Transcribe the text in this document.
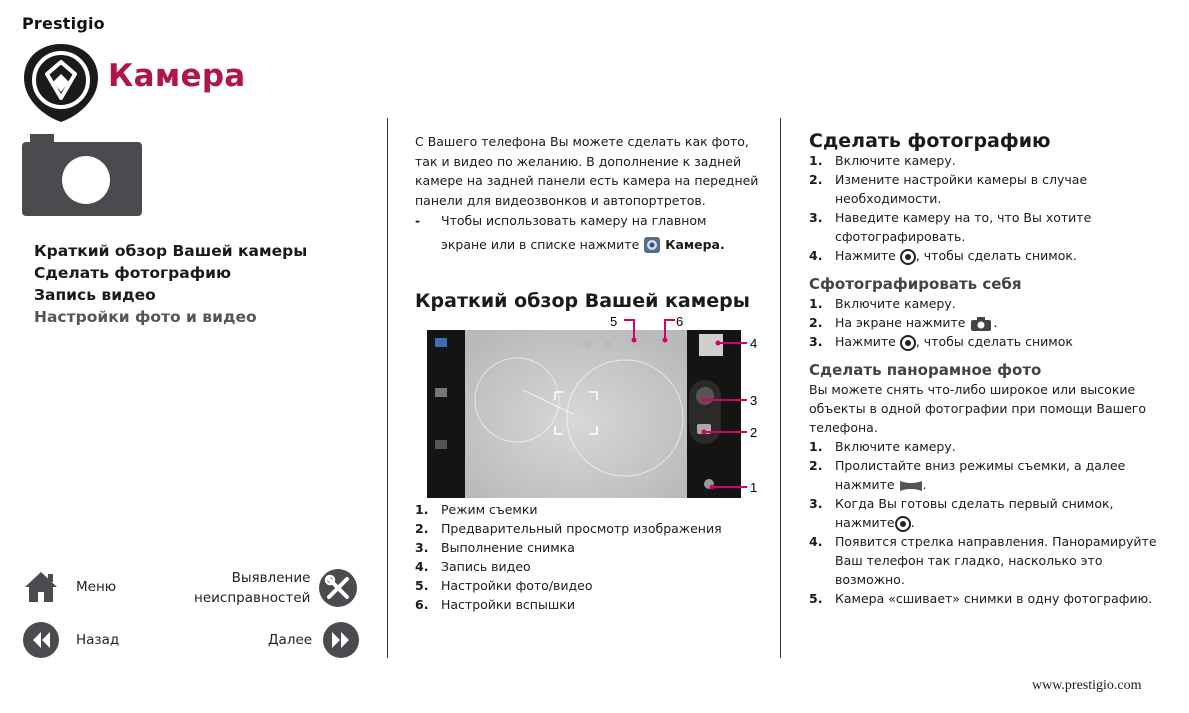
Prestigio
Камера
Краткий обзор Вашей камеры
Сделать фотографию
Запись видео
Настройки фото и видео
Меню
Выявление
неисправностей
Назад	Далее
С Вашего телефона Вы можете сделать как фото, так и видео по желанию. В дополнение к задней камере на задней панели есть камера на передней панели для видеозвонков и автопортретов.
-	Чтобы использовать камеру на главном
экране или в списке нажмите Камера.
Краткий обзор Вашей камеры
5	6
4
3
2
1
1.	Режим съемки
2.	Предварительный просмотр изображения
3.	Выполнение снимка
4.	Запись видео
5.	Настройки фото/видео
6.	Настройки вспышки
Сделать фотографию
1.	Включите камеру.
2.	Измените настройки камеры в случае необходимости.
3.	Наведите камеру на то, что Вы хотите сфотографировать.
4.	Нажмите , чтобы сделать снимок.
Сфотографировать себя
1.	Включите камеру.
2.	На экране нажмите .
3.	Нажмите , чтобы сделать снимок
Сделать панорамное фото
Вы можете снять что-либо широкое или высокие объекты в одной фотографии при помощи Вашего телефона.
1.	Включите камеру.
2.	Пролистайте вниз режимы съемки, а далее нажмите .
3.	Когда Вы готовы сделать первый снимок, нажмите .
4.	Появится стрелка направления. Панорамируйте Ваш телефон так гладко, насколько это возможно.
5.	Камера «сшивает» снимки в одну фотографию.
www.prestigio.com
